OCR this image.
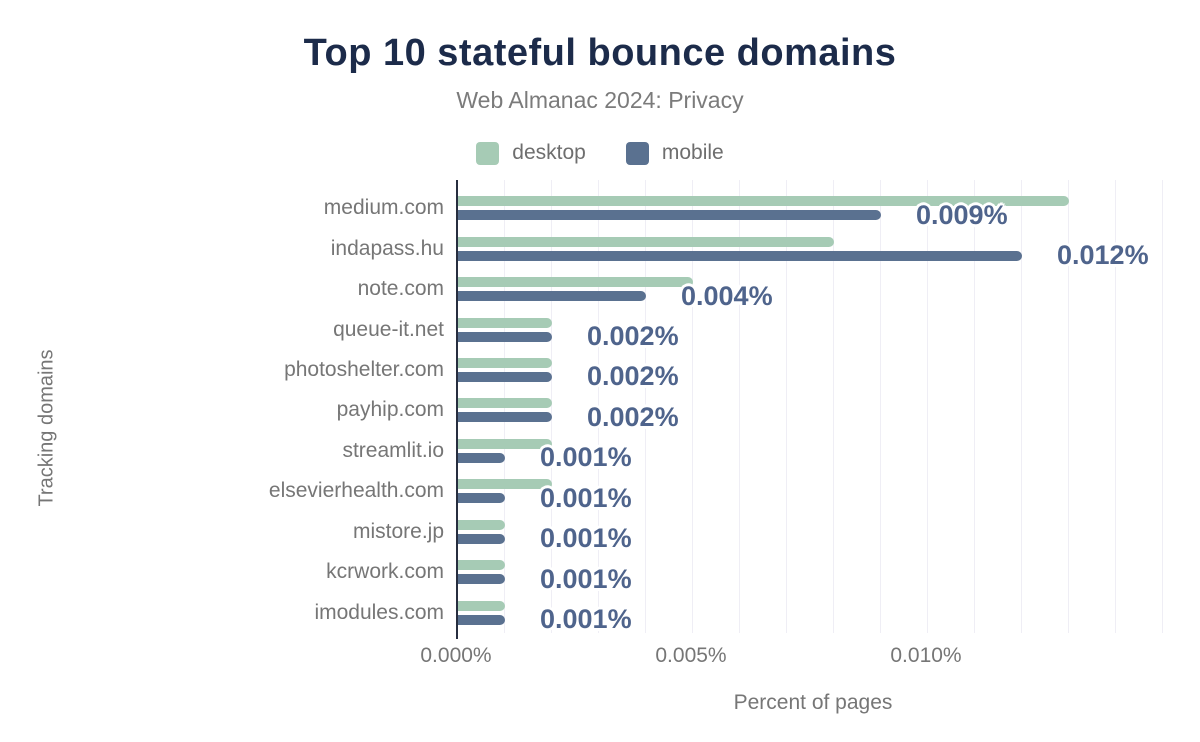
Top 10 stateful bounce domains
Web Almanac 2024: Privacy
desktop	mobile
Tracking domains
medium.com
indapass.hu
note.com
queue-it.net
photoshelter.com
payhip.com
streamlit.io
elsevierhealth.com
mistore.jp
kcrwork.com
imodules.com
0.009%
0.012%
0.004%
0.002%
0.002%
0.002%
0.001%
0.001%
0.001%
0.001%
0.001%
0.000%	0.005%	0.010%
Percent of pages
